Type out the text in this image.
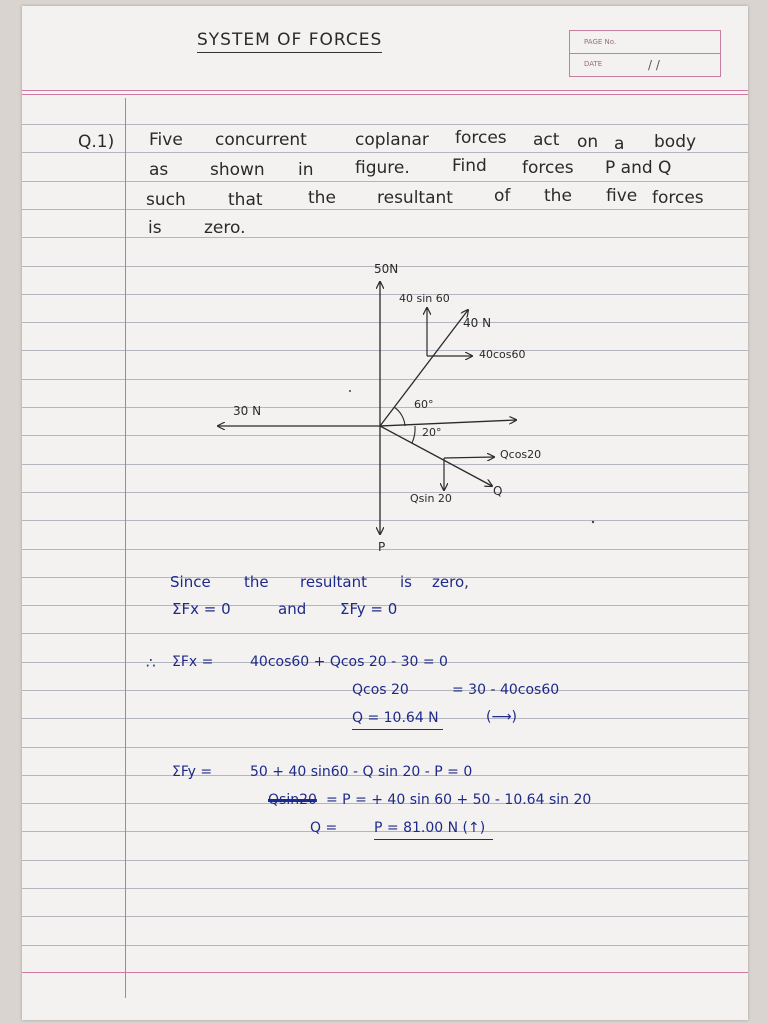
SYSTEM OF FORCES	PAGE No.
DATE	/ /
Q.1) Five concurrent	coplanar forces act on a body
as shown in figure. Find forces P and Q
such that	the resultant of the five forces
is zero.
50N
40 sin 60
40 N
40cos60
30 N	60°
20°
Qcos20
Q
Qsin 20
P
Since the resultant is zero,
ΣFx = 0	and ΣFy = 0
∴ ΣFx =	40cos60 + Qcos 20 - 30 = 0
Qcos 20	= 30 - 40cos60
Q = 10.64 N	(⟶)
ΣFy =	50 + 40 sin60 - Q sin 20 - P = 0
Qsin20 = P = + 40 sin 60 + 50 - 10.64 sin 20
Q =	P = 81.00 N (↑)
